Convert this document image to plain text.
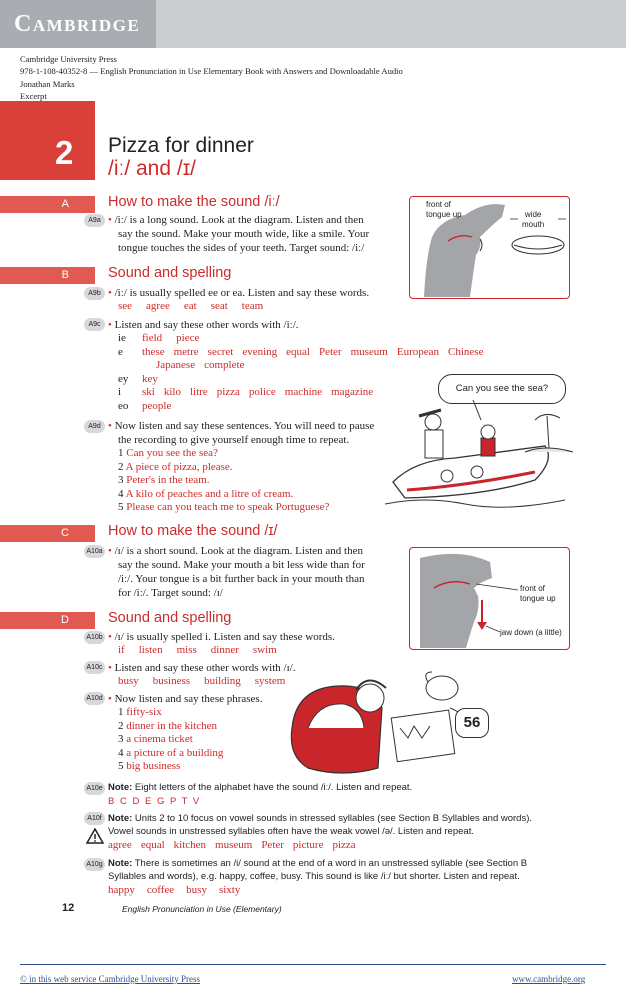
Cambridge
Cambridge University Press
978-1-108-40352-8 — English Pronunciation in Use Elementary Book with Answers and Downloadable Audio
Jonathan Marks
Excerpt
2 Pizza for dinner
/iː/ and /ɪ/
A	How to make the sound /iː/
A9a • /iː/ is a long sound. Look at the diagram. Listen and then
say the sound. Make your mouth wide, like a smile. Your
tongue touches the sides of your teeth. Target sound: /iː/
front of
tongue up	wide
mouth
B	Sound and spelling
A9b • /iː/ is usually spelled ee or ea. Listen and say these words.
see agree eat seat team
A9c • Listen and say these other words with /iː/.
ie field piece
e these metre secret evening equal Peter museum European Chinese
Japanese complete
ey key
i ski kilo litre pizza police machine magazine
eo people
Can you see the sea?
A9d • Now listen and say these sentences. You will need to pause
the recording to give yourself enough time to repeat.
1 Can you see the sea?
2 A piece of pizza, please.
3 Peter's in the team.
4 A kilo of peaches and a litre of cream.
5 Please can you teach me to speak Portuguese?
C	How to make the sound /ɪ/
A10a • /ɪ/ is a short sound. Look at the diagram. Listen and then
say the sound. Make your mouth a bit less wide than for
/iː/. Your tongue is a bit further back in your mouth than
for /iː/. Target sound: /ɪ/	front of
tongue up
jaw down (a little)
D	Sound and spelling
A10b • /ɪ/ is usually spelled i. Listen and say these words.
if listen miss dinner swim
A10c • Listen and say these other words with /ɪ/.
busy business building system
A10d • Now listen and say these phrases.
1 fifty-six
2 dinner in the kitchen
3 a cinema ticket
4 a picture of a building
5 big business
56
A10e Note: Eight letters of the alphabet have the sound /iː/. Listen and repeat.
B C D E G P T V
A10f Note: Units 2 to 10 focus on vowel sounds in stressed syllables (see Section B Syllables and words).
Vowel sounds in unstressed syllables often have the weak vowel /ə/. Listen and repeat.
agree equal kitchen museum Peter picture pizza
A10g Note: There is sometimes an /i/ sound at the end of a word in an unstressed syllable (see Section B
Syllables and words), e.g. happy, coffee, busy. This sound is like /iː/ but shorter. Listen and repeat.
happy coffee busy sixty
12	English Pronunciation in Use (Elementary)
© in this web service Cambridge University Press	www.cambridge.org
